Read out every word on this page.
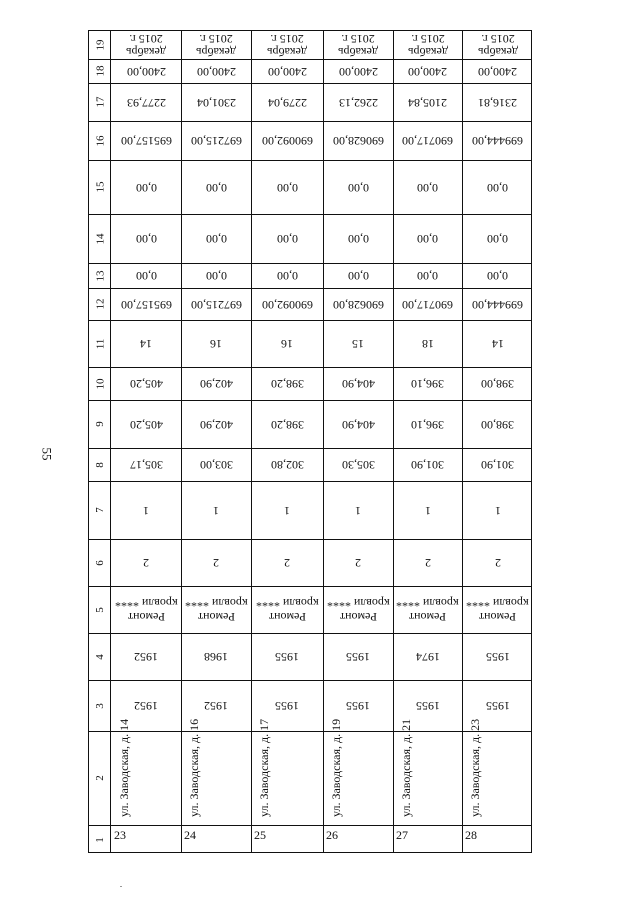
55
1
2
3
4
5
6
7
8
9
10
11
12
13
14
15
16
17
18
19
23
ул. Заводская, д. 14
1952
1952
Ремонт
кровли ****
2
1
305,17
405,20
405,20
14
695157,00
0,00
0,00
0,00
695157,00
2277,93
2400,00
декабрь
2015 г.
24
ул. Заводская, д. 16
1952
1968
Ремонт
кровли ****
2
1
303,00
402,90
402,90
16
697215,00
0,00
0,00
0,00
697215,00
2301,04
2400,00
декабрь
2015 г.
25
ул. Заводская, д. 17
1955
1955
Ремонт
кровли ****
2
1
302,80
398,20
398,20
16
690092,00
0,00
0,00
0,00
690092,00
2279,04
2400,00
декабрь
2015 г.
26
ул. Заводская, д. 19
1955
1955
Ремонт
кровли ****
2
1
305,30
404,90
404,90
15
690628,00
0,00
0,00
0,00
690628,00
2262,13
2400,00
декабрь
2015 г.
27
ул. Заводская, д. 21
1955
1974
Ремонт
кровли ****
2
1
301,90
396,10
396,10
18
690717,00
0,00
0,00
0,00
690717,00
2105,84
2400,00
декабрь
2015 г.
28
ул. Заводская, д. 23
1955
1955
Ремонт
кровли ****
2
1
301,90
398,00
398,00
14
699444,00
0,00
0,00
0,00
699444,00
2316,81
2400,00
декабрь
2015 г.
